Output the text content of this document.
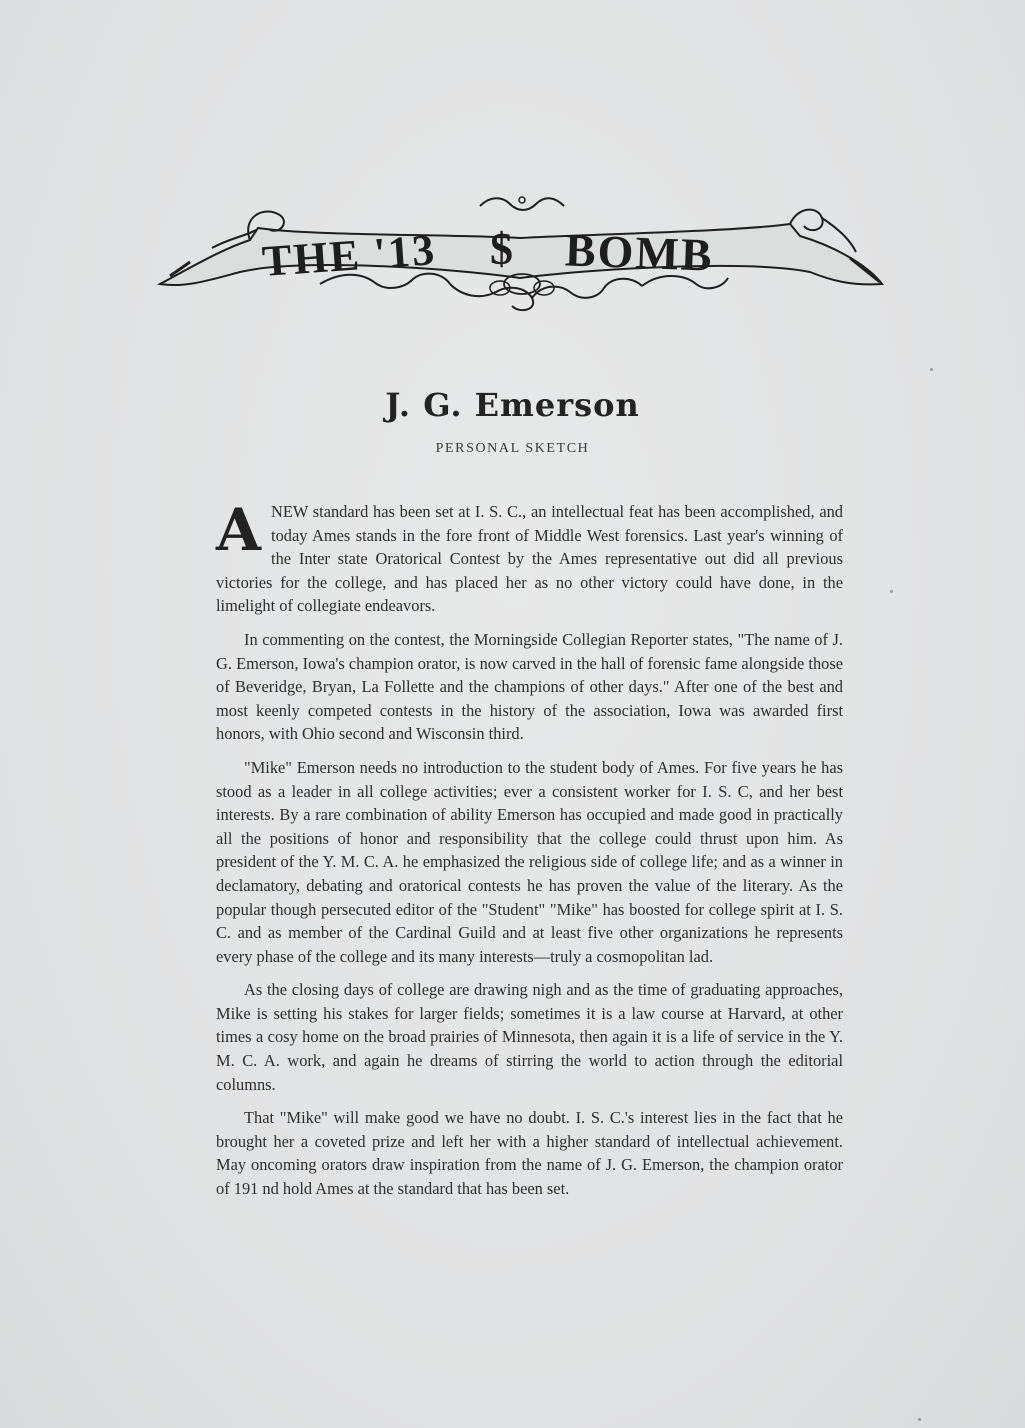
THE '13 $ BOMB
J. G. Emerson
PERSONAL SKETCH

ANEW standard has been set at I. S. C., an intellectual feat has been accomplished, and today Ames stands in the fore front of Middle West forensics. Last year's winning of the Inter state Oratorical Contest by the Ames representative out did all previous victories for the college, and has placed her as no other victory could have done, in the limelight of collegiate endeavors.

In commenting on the contest, the Morningside Collegian Reporter states, "The name of J. G. Emerson, Iowa's champion orator, is now carved in the hall of forensic fame alongside those of Beveridge, Bryan, La Follette and the champions of other days." After one of the best and most keenly competed contests in the history of the association, Iowa was awarded first honors, with Ohio second and Wisconsin third.

"Mike" Emerson needs no introduction to the student body of Ames. For five years he has stood as a leader in all college activities; ever a consistent worker for I. S. C, and her best interests. By a rare combination of ability Emerson has occupied and made good in practically all the positions of honor and responsibility that the college could thrust upon him. As president of the Y. M. C. A. he emphasized the religious side of college life; and as a winner in declamatory, debating and oratorical contests he has proven the value of the literary. As the popular though persecuted editor of the "Student" "Mike" has boosted for college spirit at I. S. C. and as member of the Cardinal Guild and at least five other organizations he represents every phase of the college and its many interests—truly a cosmopolitan lad.

As the closing days of college are drawing nigh and as the time of graduating approaches, Mike is setting his stakes for larger fields; sometimes it is a law course at Harvard, at other times a cosy home on the broad prairies of Minnesota, then again it is a life of service in the Y. M. C. A. work, and again he dreams of stirring the world to action through the editorial columns.

That "Mike" will make good we have no doubt. I. S. C.'s interest lies in the fact that he brought her a coveted prize and left her with a higher standard of intellectual achievement. May oncoming orators draw inspiration from the name of J. G. Emerson, the champion orator of 191 nd hold Ames at the standard that has been set.
